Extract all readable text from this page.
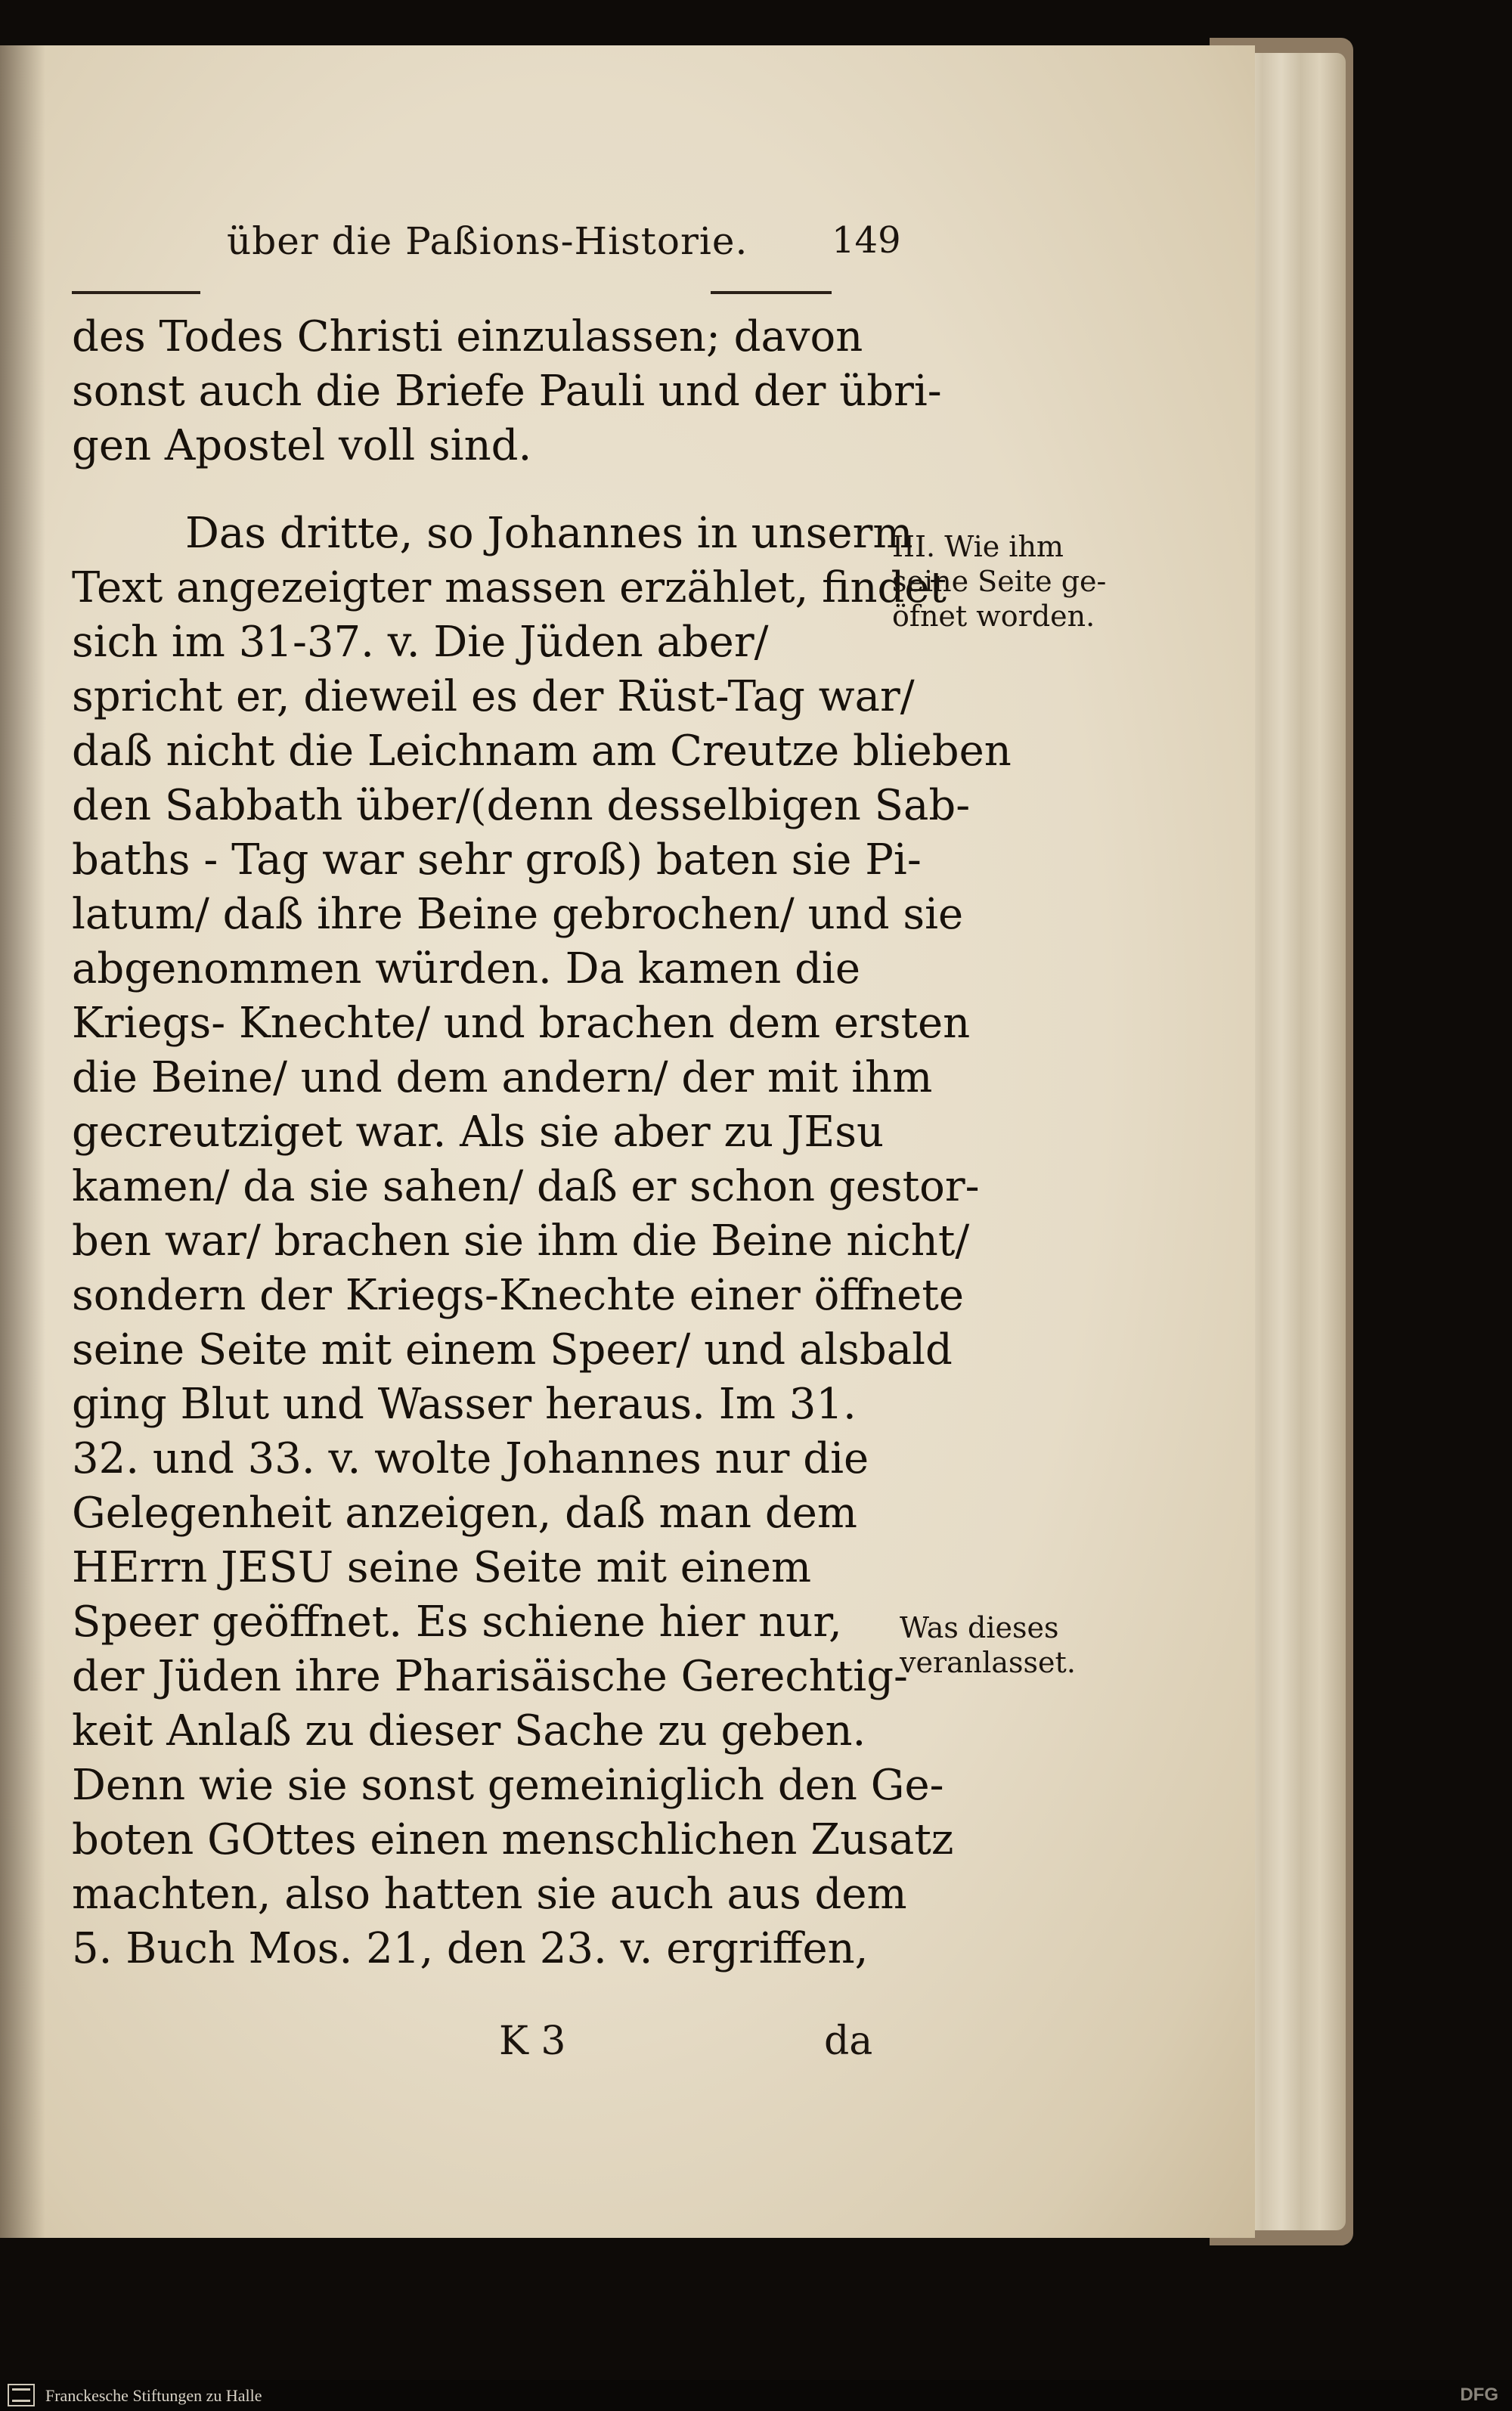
über die Paßions-Historie. 149
des Todes Christi einzulassen; davon
sonst auch die Briefe Pauli und der übri-
gen Apostel voll sind.
Das dritte, so Johannes in unserm
Text angezeigter massen erzählet, findet
sich im 31-37. v. Die Jüden aber/
spricht er, dieweil es der Rüst-Tag war/
daß nicht die Leichnam am Creutze blieben
den Sabbath über/(denn desselbigen Sab-
baths - Tag war sehr groß) baten sie Pi-
latum/ daß ihre Beine gebrochen/ und sie
abgenommen würden. Da kamen die
Kriegs- Knechte/ und brachen dem ersten
die Beine/ und dem andern/ der mit ihm
gecreutziget war. Als sie aber zu JEsu
kamen/ da sie sahen/ daß er schon gestor-
ben war/ brachen sie ihm die Beine nicht/
sondern der Kriegs-Knechte einer öffnete
seine Seite mit einem Speer/ und alsbald
ging Blut und Wasser heraus. Im 31.
32. und 33. v. wolte Johannes nur die
Gelegenheit anzeigen, daß man dem
HErrn JESU seine Seite mit einem
Speer geöffnet. Es schiene hier nur,
der Jüden ihre Pharisäische Gerechtig-
keit Anlaß zu dieser Sache zu geben.
Denn wie sie sonst gemeiniglich den Ge-
boten GOttes einen menschlichen Zusatz
machten, also hatten sie auch aus dem
5. Buch Mos. 21, den 23. v. ergriffen,
III. Wie ihm
seine Seite ge-
öfnet worden.
Was dieses
veranlasset.
K 3	da
Franckesche Stiftungen zu Halle	DFG
